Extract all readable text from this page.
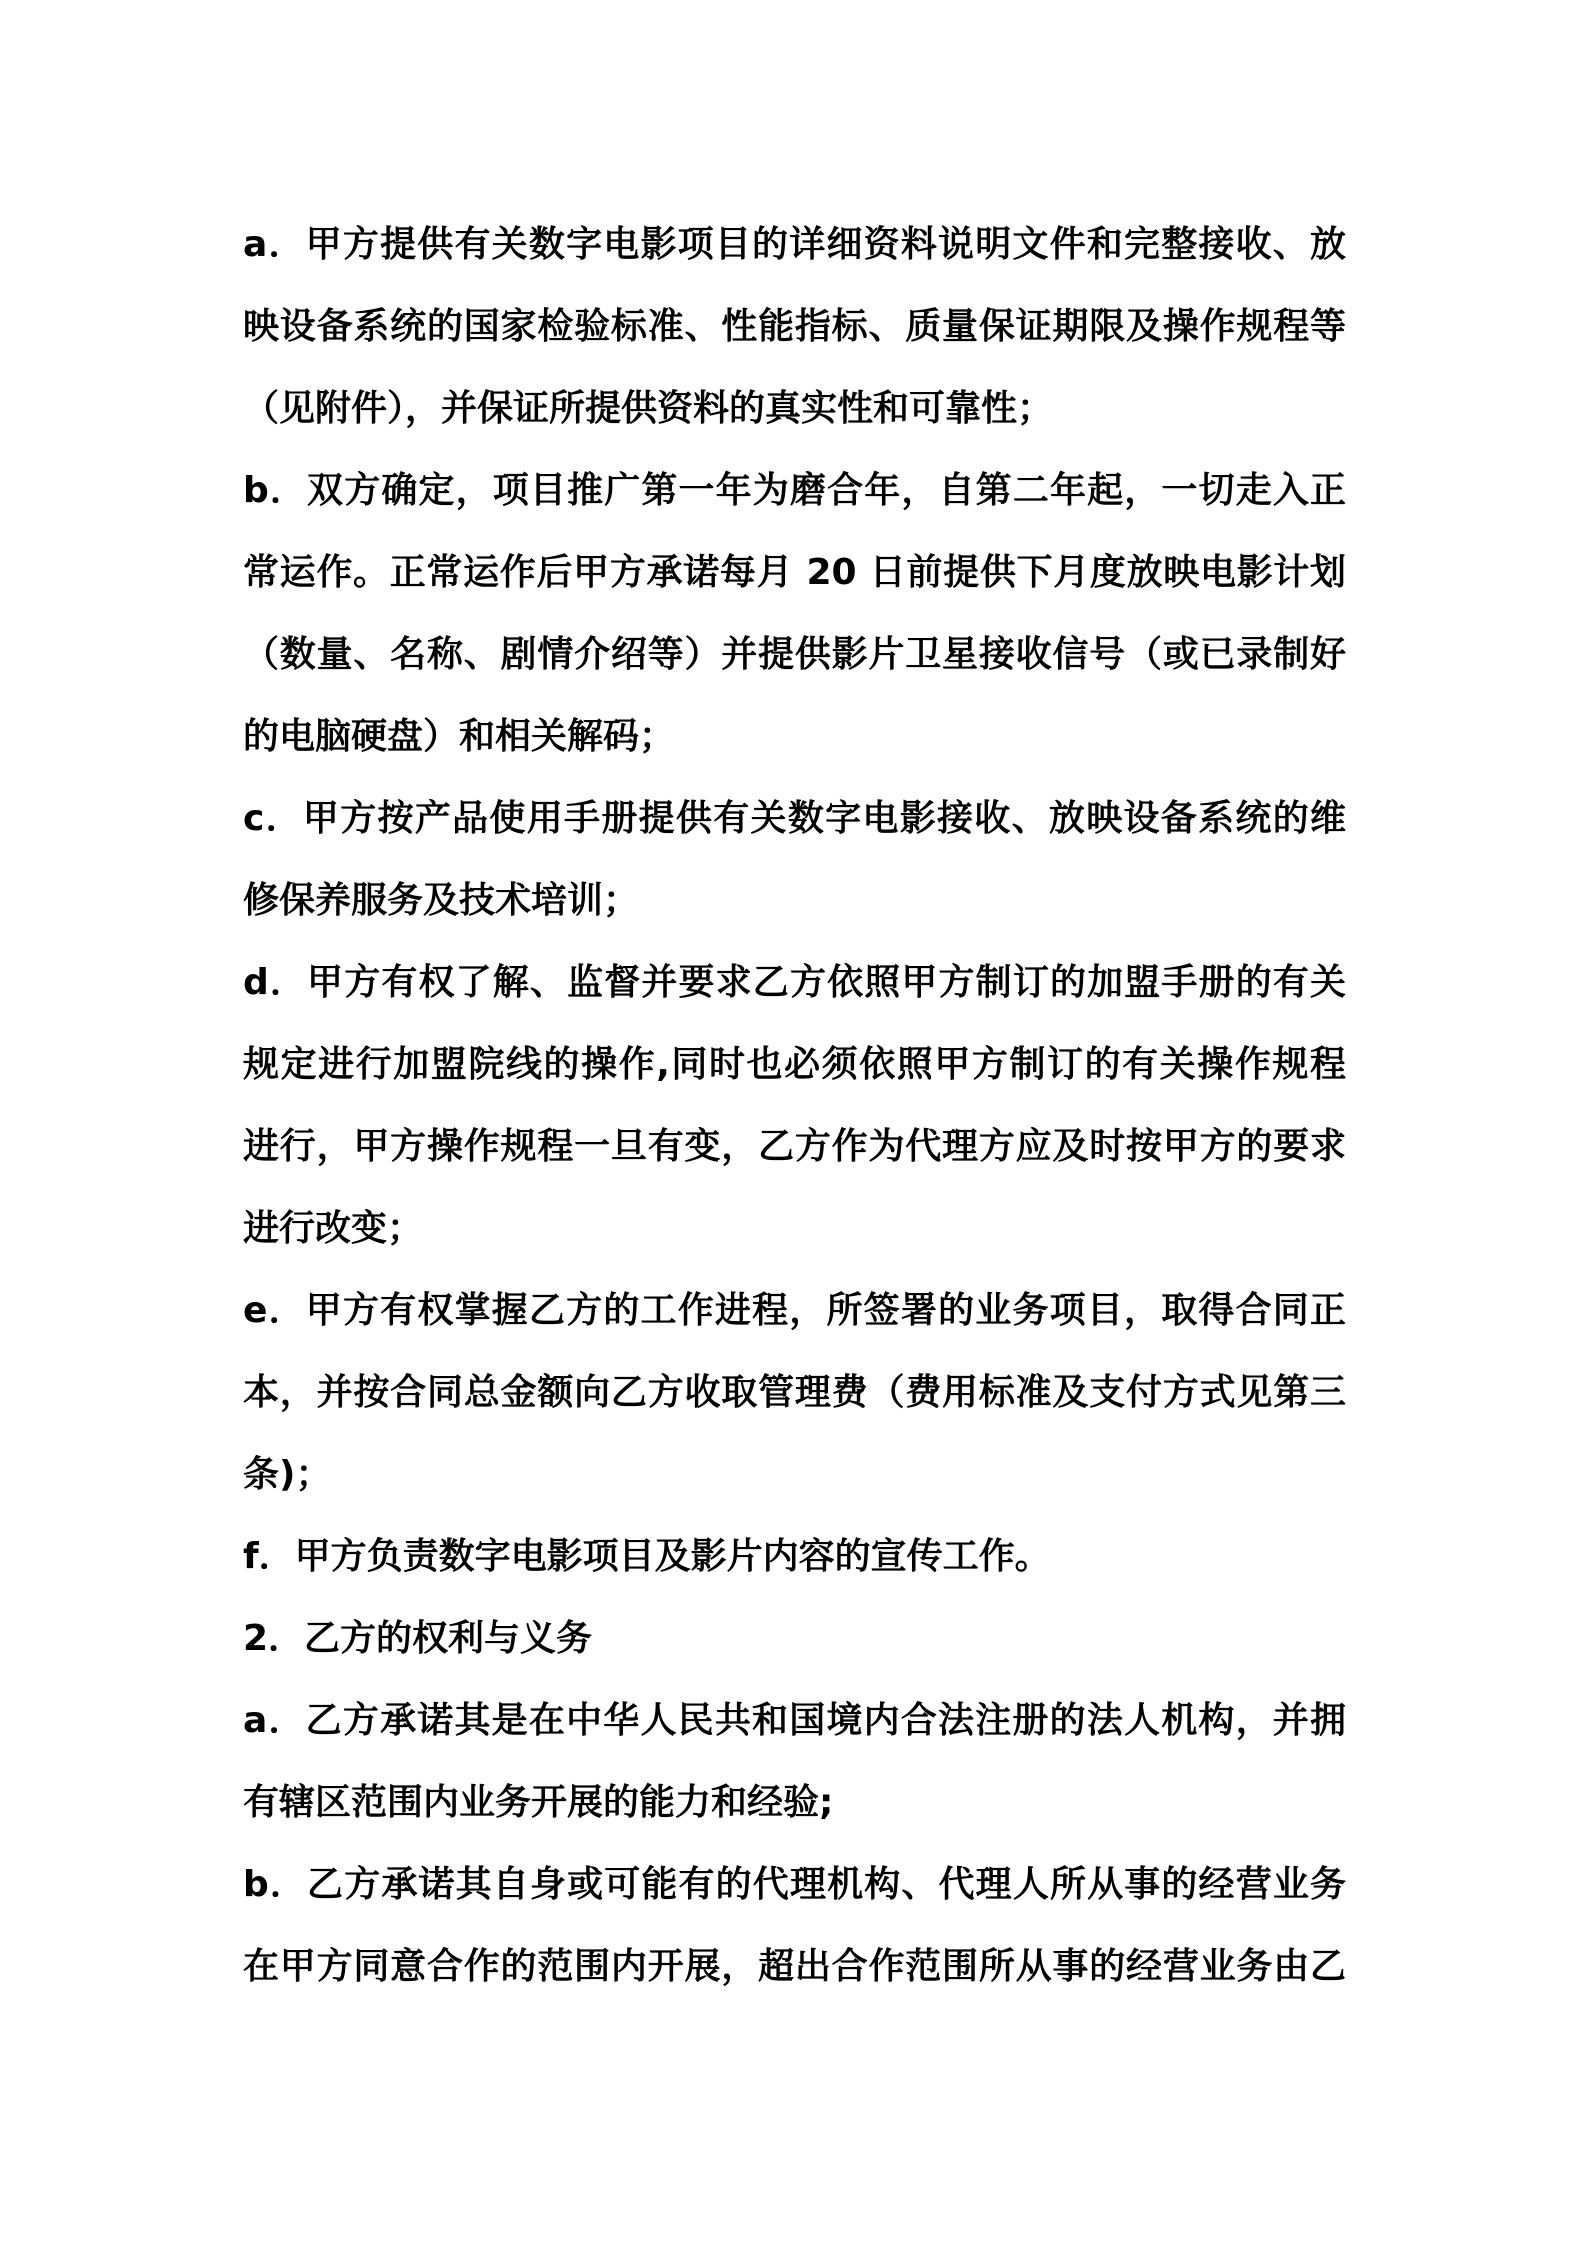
a．甲方提供有关数字电影项目的详细资料说明文件和完整接收、放
映设备系统的国家检验标准、性能指标、质量保证期限及操作规程等
（见附件），并保证所提供资料的真实性和可靠性；
b．双方确定，项目推广第一年为磨合年，自第二年起，一切走入正
常运作。正常运作后甲方承诺每月 20 日前提供下月度放映电影计划
（数量、名称、剧情介绍等）并提供影片卫星接收信号（或已录制好
的电脑硬盘）和相关解码；
c．甲方按产品使用手册提供有关数字电影接收、放映设备系统的维
修保养服务及技术培训；
d．甲方有权了解、监督并要求乙方依照甲方制订的加盟手册的有关
规定进行加盟院线的操作,同时也必须依照甲方制订的有关操作规程
进行，甲方操作规程一旦有变，乙方作为代理方应及时按甲方的要求
进行改变；
e．甲方有权掌握乙方的工作进程，所签署的业务项目，取得合同正
本，并按合同总金额向乙方收取管理费（费用标准及支付方式见第三
条)；
f．甲方负责数字电影项目及影片内容的宣传工作。
2．乙方的权利与义务
a．乙方承诺其是在中华人民共和国境内合法注册的法人机构，并拥
有辖区范围内业务开展的能力和经验;
b．乙方承诺其自身或可能有的代理机构、代理人所从事的经营业务
在甲方同意合作的范围内开展，超出合作范围所从事的经营业务由乙
